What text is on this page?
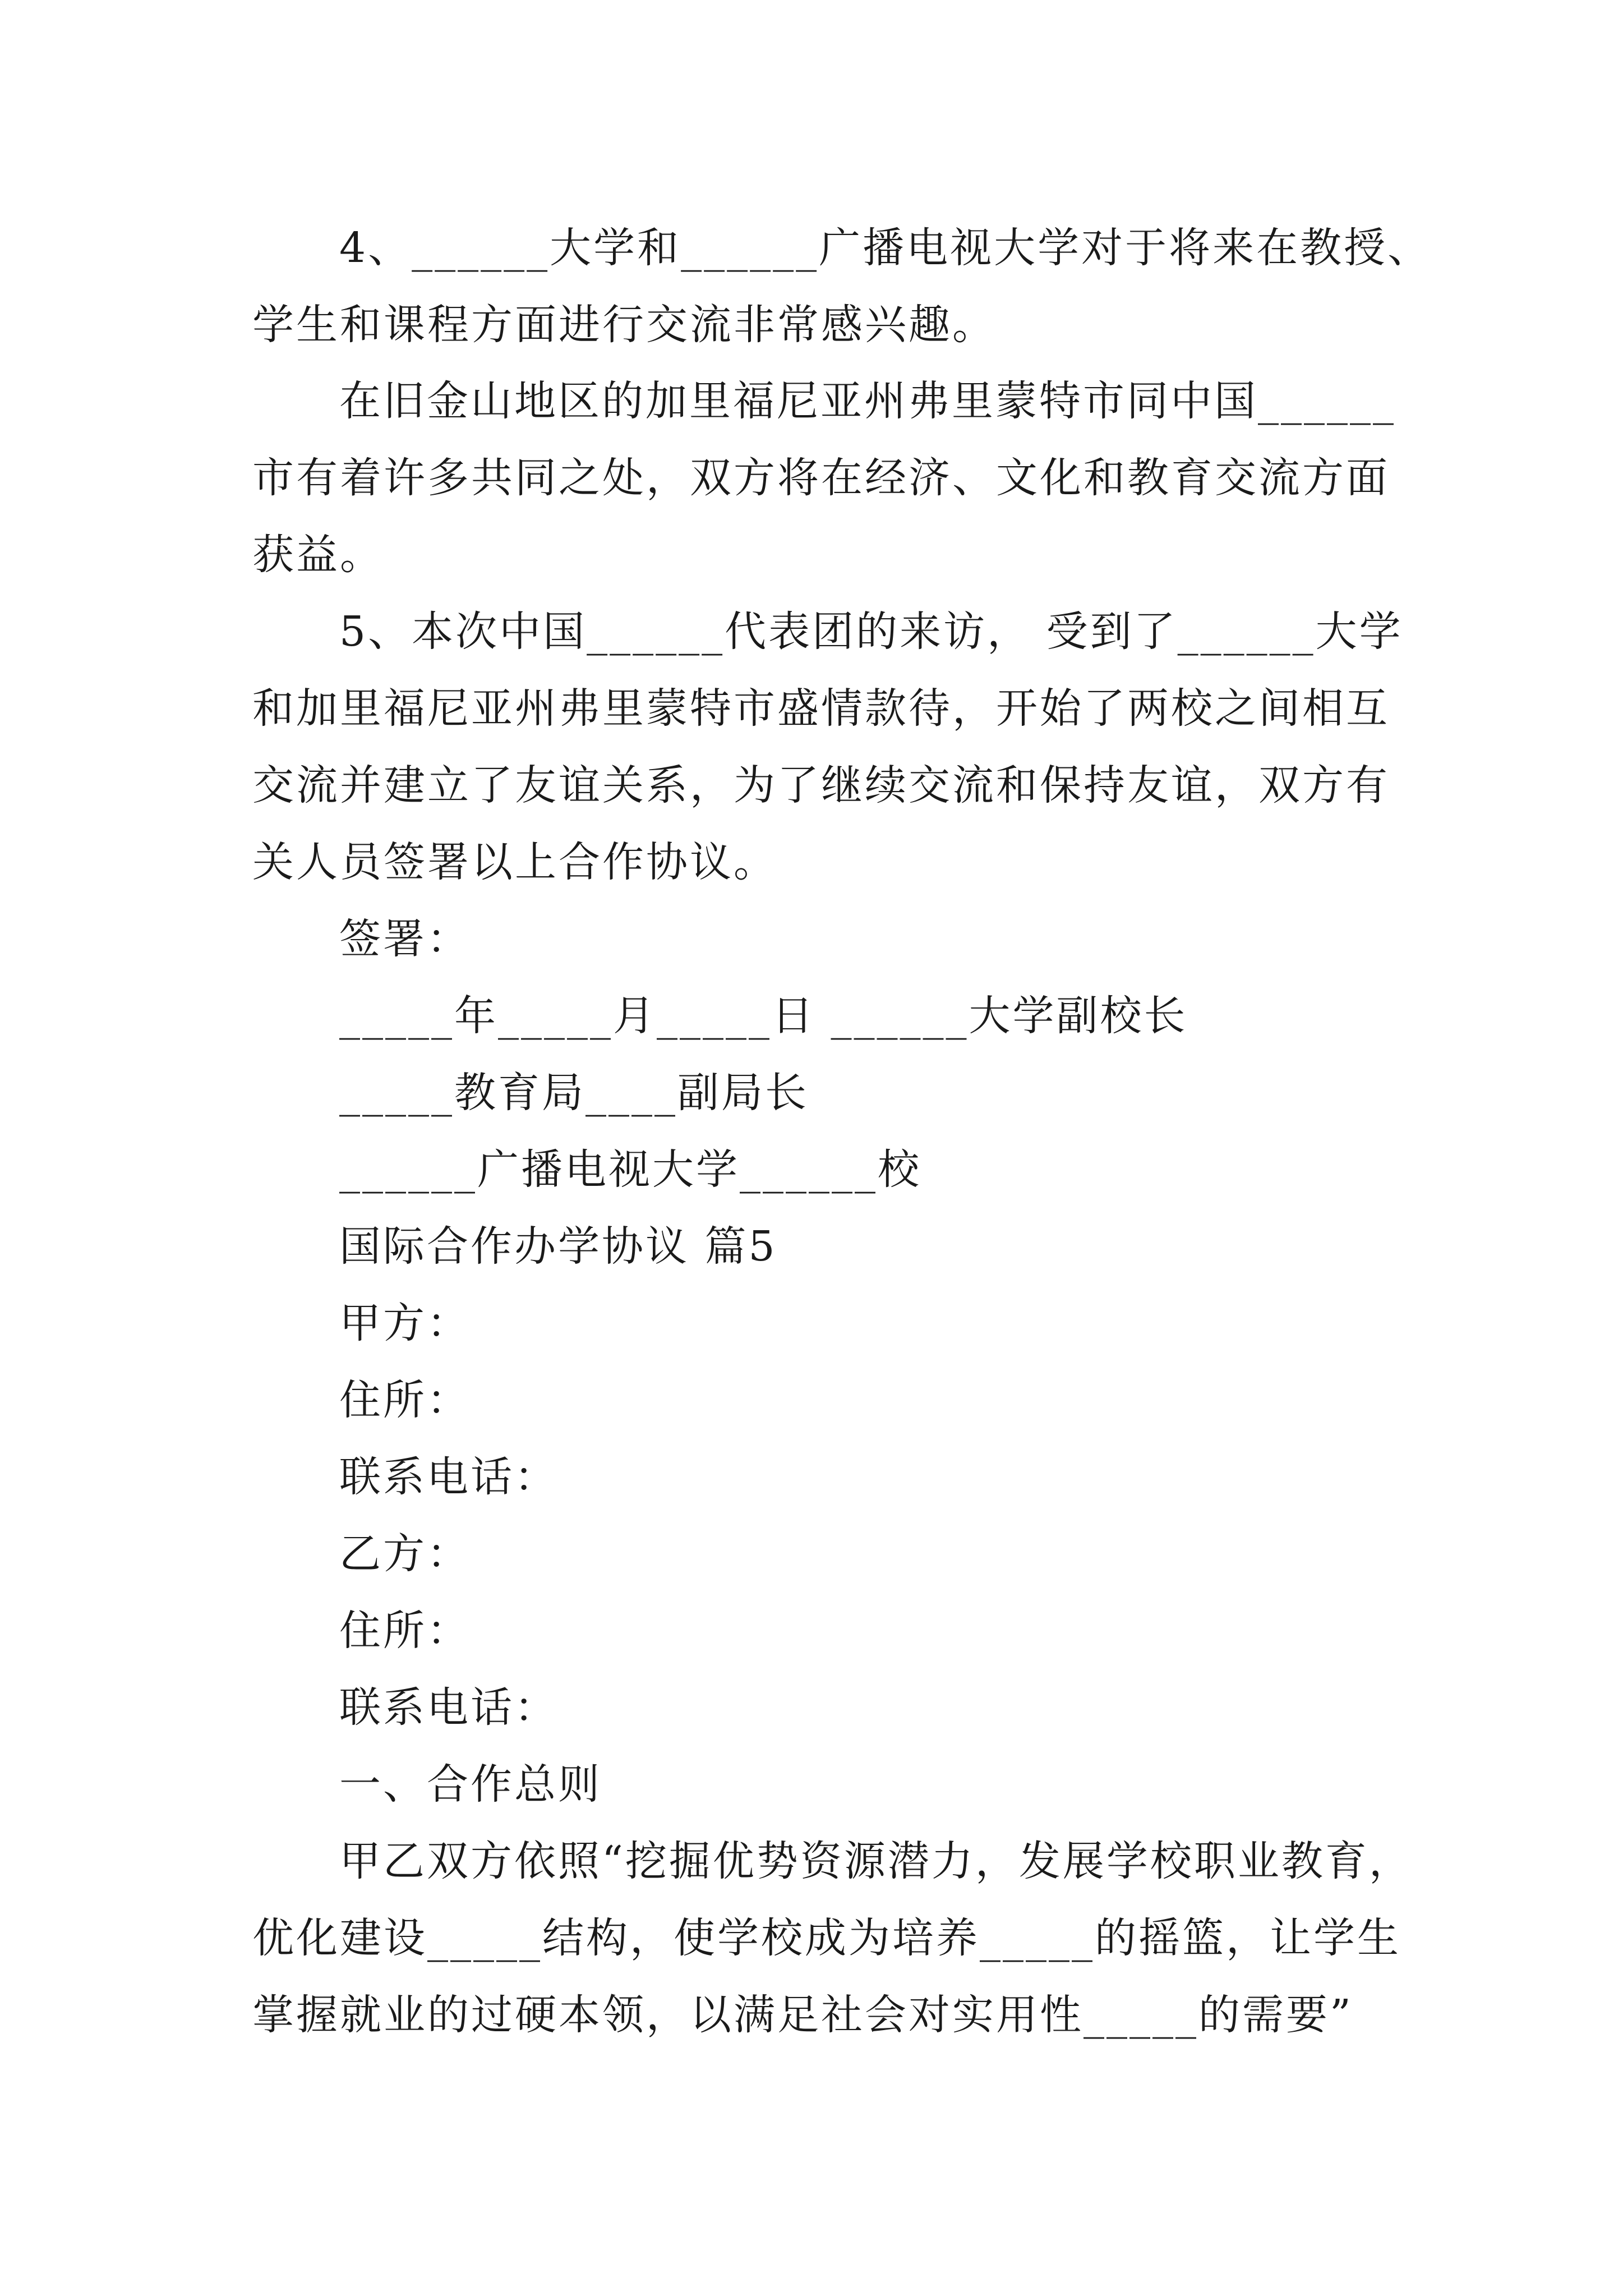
4、______大学和______广播电视大学对于将来在教授、
学生和课程方面进行交流非常感兴趣。
在旧金山地区的加里福尼亚州弗里蒙特市同中国______
市有着许多共同之处，双方将在经济、文化和教育交流方面
获益。
5、本次中国______代表团的来访， 受到了______大学
和加里福尼亚州弗里蒙特市盛情款待，开始了两校之间相互
交流并建立了友谊关系，为了继续交流和保持友谊，双方有
关人员签署以上合作协议。
签署：
_____年_____月_____日 ______大学副校长
_____教育局____副局长
______广播电视大学______校
国际合作办学协议 篇5
甲方：
住所：
联系电话：
乙方：
住所：
联系电话：
一、合作总则
甲乙双方依照“挖掘优势资源潜力，发展学校职业教育，
优化建设_____结构，使学校成为培养_____的摇篮，让学生
掌握就业的过硬本领，以满足社会对实用性_____的需要”
